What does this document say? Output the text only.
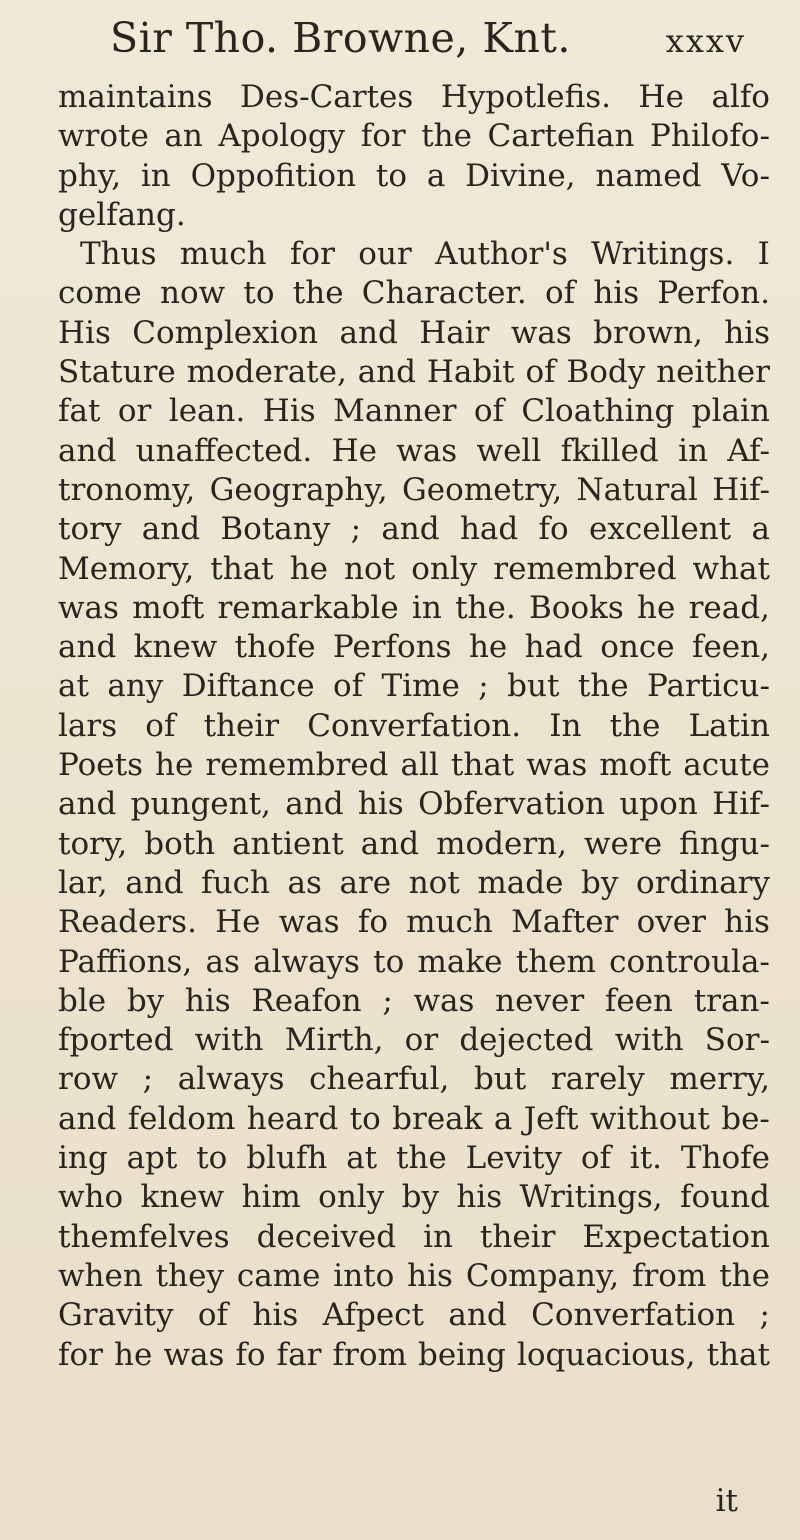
Sir Tho. Browne, Knt.	xxxv
maintains Des-Cartes Hypotlefis. He alfo
wrote an Apology for the Cartefian Philofo-
phy, in Oppofition to a Divine, named Vo-
gelfang.
Thus much for our Author's Writings. I
come now to the Character. of his Perfon.
His Complexion and Hair was brown, his
Stature moderate, and Habit of Body neither
fat or lean. His Manner of Cloathing plain
and unaffected. He was well fkilled in Af-
tronomy, Geography, Geometry, Natural Hif-
tory and Botany ; and had fo excellent a
Memory, that he not only remembred what
was moft remarkable in the. Books he read,
and knew thofe Perfons he had once feen,
at any Diftance of Time ; but the Particu-
lars of their Converfation. In the Latin
Poets he remembred all that was moft acute
and pungent, and his Obfervation upon Hif-
tory, both antient and modern, were fingu-
lar, and fuch as are not made by ordinary
Readers. He was fo much Mafter over his
Paffions, as always to make them controula-
ble by his Reafon ; was never feen tran-
fported with Mirth, or dejected with Sor-
row ; always chearful, but rarely merry,
and feldom heard to break a Jeft without be-
ing apt to blufh at the Levity of it. Thofe
who knew him only by his Writings, found
themfelves deceived in their Expectation
when they came into his Company, from the
Gravity of his Afpect and Converfation ;
for he was fo far from being loquacious, that
it
